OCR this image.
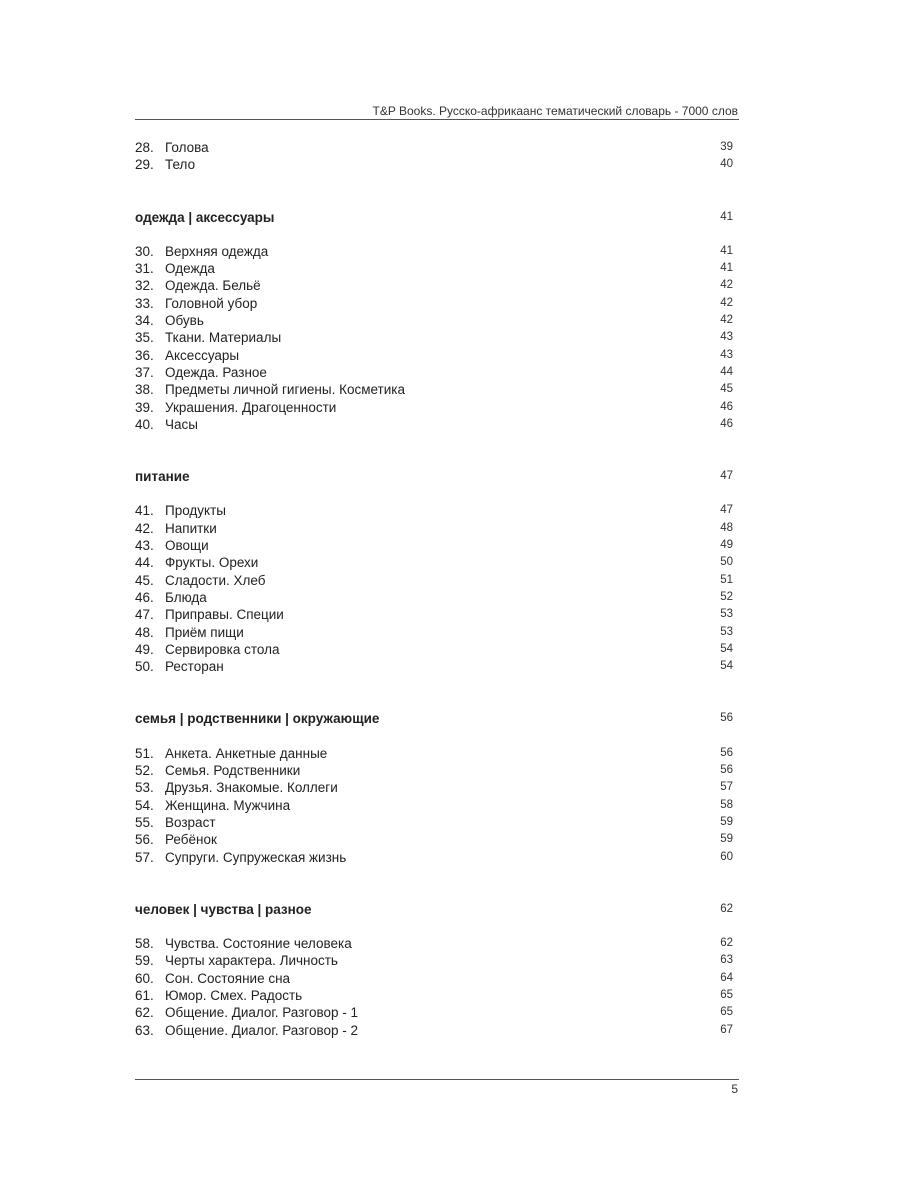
T&P Books. Русско-африкаанс тематический словарь - 7000 слов
28. Голова	39
29. Тело	40
одежда | аксессуары	41
30. Верхняя одежда	41
31. Одежда	41
32. Одежда. Бельё	42
33. Головной убор	42
34. Обувь	42
35. Ткани. Материалы	43
36. Аксессуары	43
37. Одежда. Разное	44
38. Предметы личной гигиены. Косметика	45
39. Украшения. Драгоценности	46
40. Часы	46
питание	47
41. Продукты	47
42. Напитки	48
43. Овощи	49
44. Фрукты. Орехи	50
45. Сладости. Хлеб	51
46. Блюда	52
47. Приправы. Специи	53
48. Приём пищи	53
49. Сервировка стола	54
50. Ресторан	54
семья | родственники | окружающие	56
51. Анкета. Анкетные данные	56
52. Семья. Родственники	56
53. Друзья. Знакомые. Коллеги	57
54. Женщина. Мужчина	58
55. Возраст	59
56. Ребёнок	59
57. Супруги. Супружеская жизнь	60
человек | чувства | разное	62
58. Чувства. Состояние человека	62
59. Черты характера. Личность	63
60. Сон. Состояние сна	64
61. Юмор. Смех. Радость	65
62. Общение. Диалог. Разговор - 1	65
63. Общение. Диалог. Разговор - 2	67
5
